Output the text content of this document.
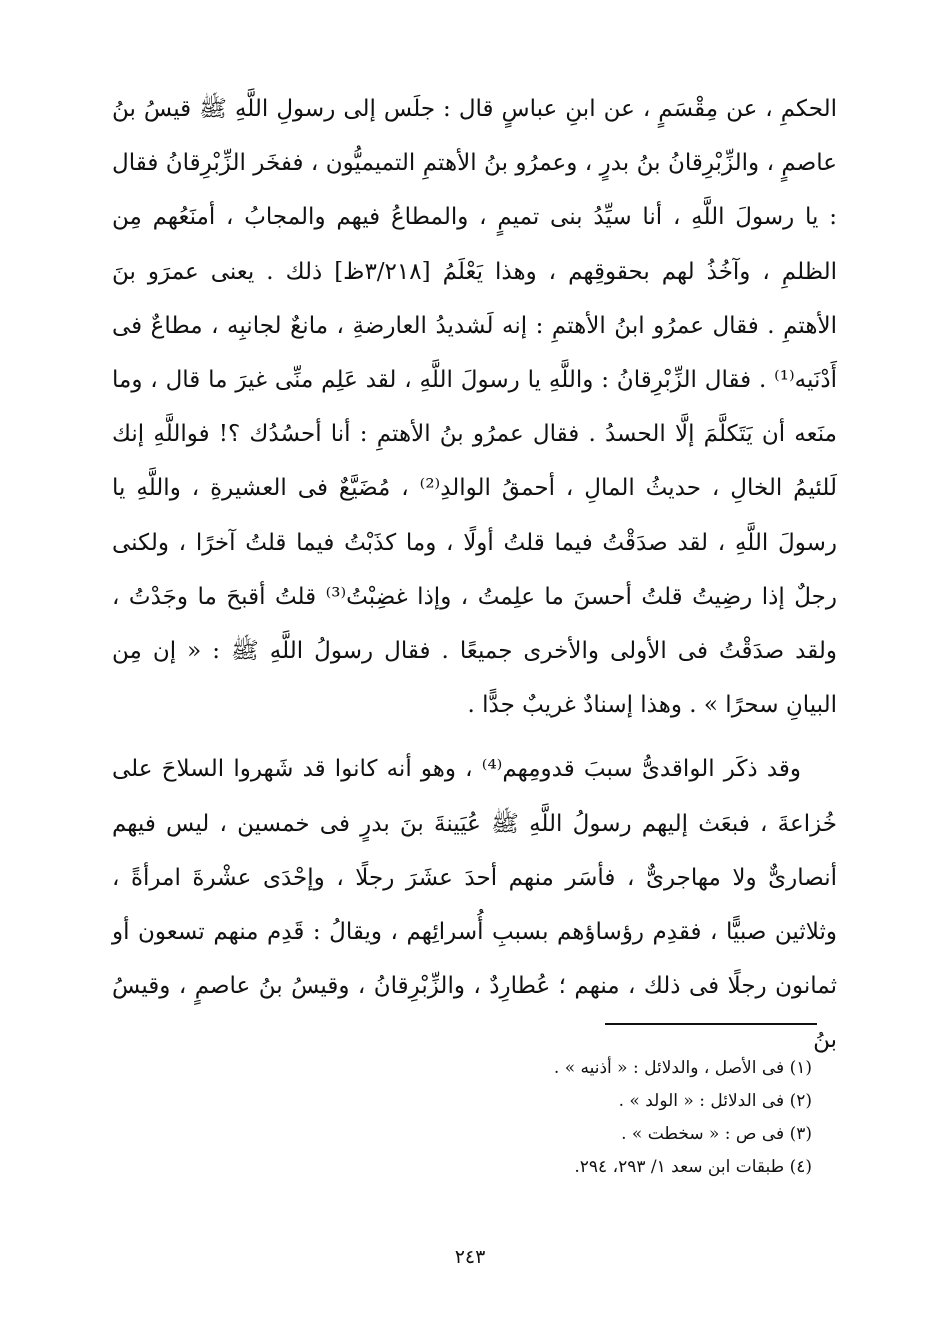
الحكمِ ، عن مِقْسَمٍ ، عن ابنِ عباسٍ قال : جلَس إلى رسولِ اللَّهِ ﷺ قيسُ بنُ عاصمٍ ، والزِّبْرِقانُ بنُ بدرٍ ، وعمرُو بنُ الأهتمِ التميميُّون ، ففخَر الزِّبْرِقانُ فقال : يا رسولَ اللَّهِ ، أنا سيِّدُ بنى تميمٍ ، والمطاعُ فيهم والمجابُ ، أمنَعُهم مِن الظلمِ ، وآخُذُ لهم بحقوقِهم ، وهذا يَعْلَمُ [٣/٢١٨ظ] ذلك . يعنى عمرَو بنَ الأهتمِ . فقال عمرُو ابنُ الأهتمِ : إنه لَشديدُ العارضةِ ، مانعٌ لجانبِه ، مطاعٌ فى أَدْنَيه⁽¹⁾ . فقال الزِّبْرِقانُ : واللَّهِ يا رسولَ اللَّهِ ، لقد عَلِم منِّى غيرَ ما قال ، وما منَعه أن يَتَكلَّمَ إلَّا الحسدُ . فقال عمرُو بنُ الأهتمِ : أنا أحسُدُك ؟! فواللَّهِ إنك لَلئيمُ الخالِ ، حديثُ المالِ ، أحمقُ الوالدِ⁽²⁾ ، مُضَيَّعٌ فى العشيرةِ ، واللَّهِ يا رسولَ اللَّهِ ، لقد صدَقْتُ فيما قلتُ أولًا ، وما كذَبْتُ فيما قلتُ آخرًا ، ولكنى رجلٌ إذا رضِيتُ قلتُ أحسنَ ما علِمتُ ، وإذا غضِبْتُ⁽³⁾ قلتُ أقبحَ ما وجَدْتُ ، ولقد صدَقْتُ فى الأولى والأخرى جميعًا . فقال رسولُ اللَّهِ ﷺ : « إن مِن البيانِ سحرًا » . وهذا إسنادٌ غريبٌ جدًّا .

وقد ذكَر الواقدىُّ سببَ قدومِهم⁽⁴⁾ ، وهو أنه كانوا قد شَهروا السلاحَ على خُزاعةَ ، فبعَث إليهم رسولُ اللَّهِ ﷺ عُيَينةَ بنَ بدرٍ فى خمسين ، ليس فيهم أنصارىٌّ ولا مهاجرىٌّ ، فأسَر منهم أحدَ عشَرَ رجلًا ، وإحْدَى عشْرةَ امرأةً ، وثلاثين صبيًّا ، فقدِم رؤساؤهم بسببِ أُسرائِهم ، ويقالُ : قَدِم منهم تسعون أو ثمانون رجلًا فى ذلك ، منهم ؛ عُطارِدٌ ، والزِّبْرِقانُ ، وقيسُ بنُ عاصمٍ ، وقيسُ بنُ

(١) فى الأصل ، والدلائل : « أذنيه » .

(٢) فى الدلائل : « الولد » .

(٣) فى ص : « سخطت » .

(٤) طبقات ابن سعد ١/ ٢٩٣، ٢٩٤.

٢٤٣
